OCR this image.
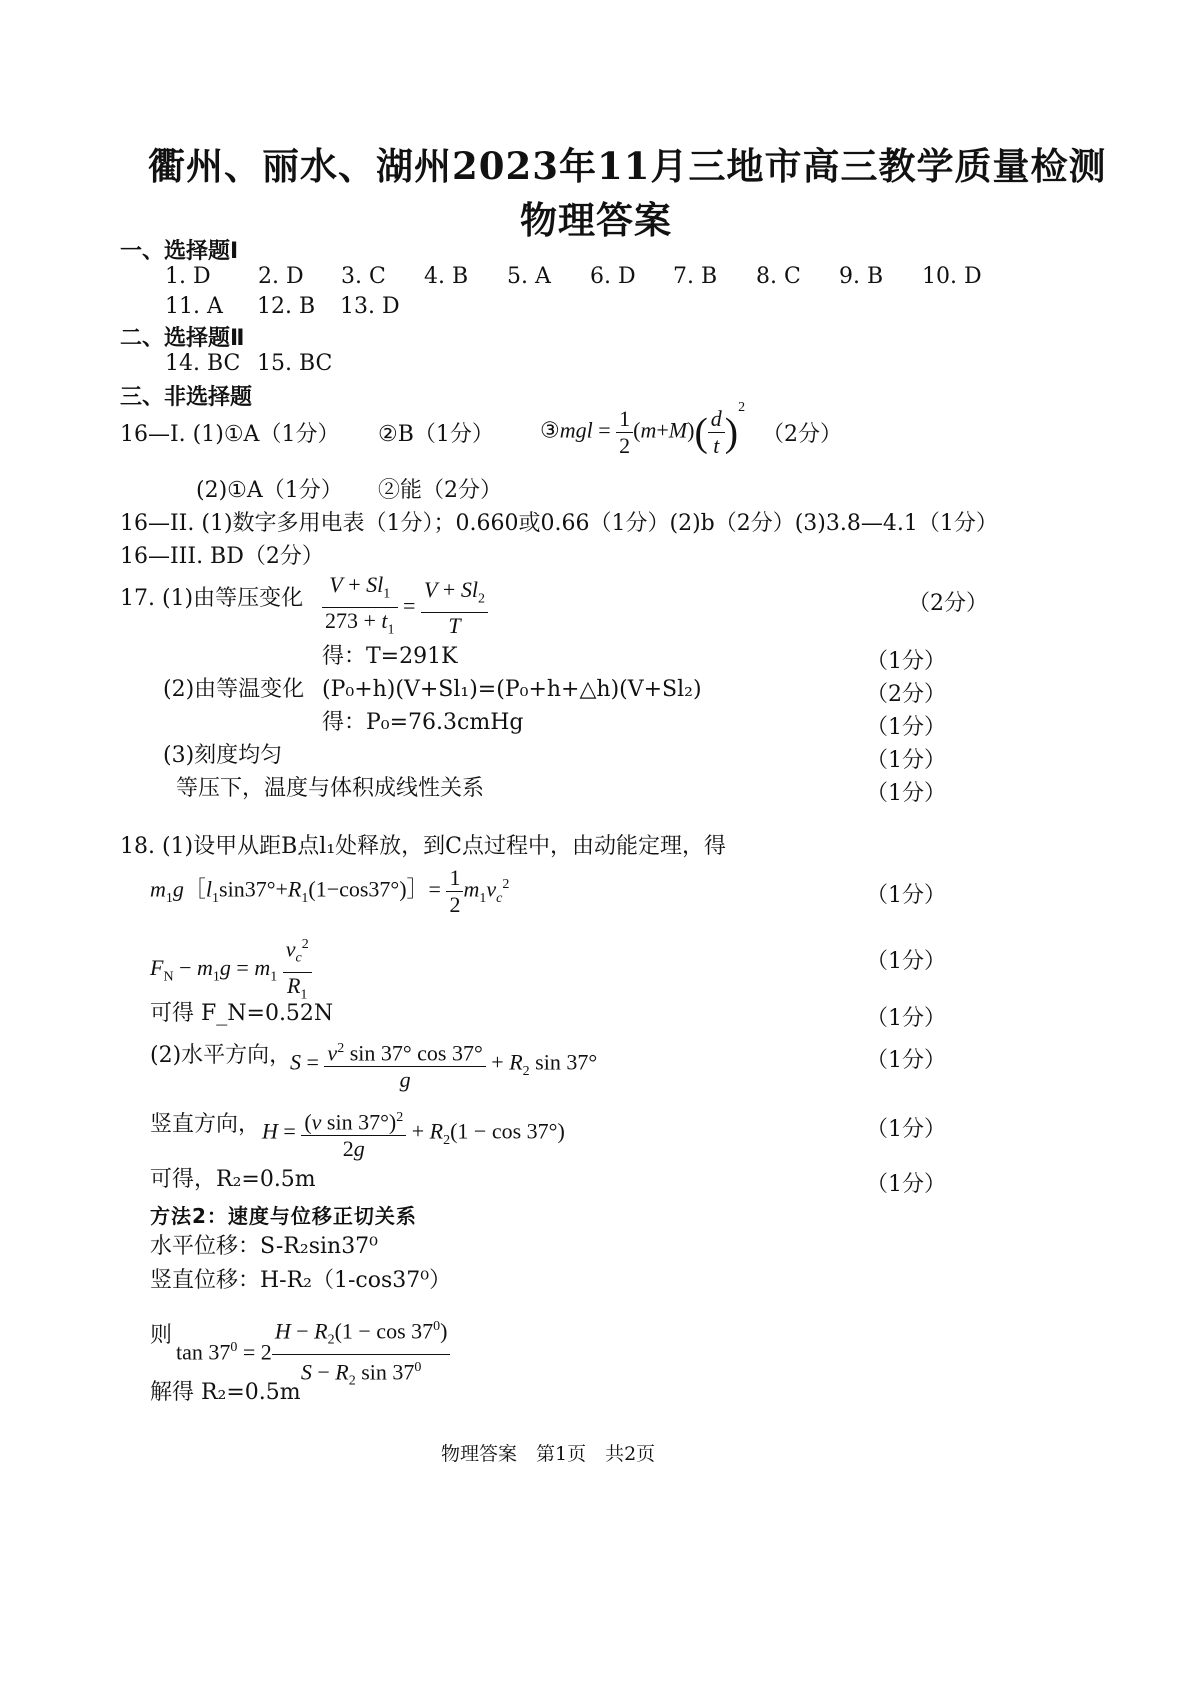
衢州、丽水、湖州2023年11月三地市高三教学质量检测
物理答案
一、选择题Ⅰ
1. D 2. D 3. C 4. B 5. A 6. D 7. B 8. C 9. B 10. D
11. A 12. B 13. D
二、选择题Ⅱ
14. BC 15. BC
三、非选择题
16—I. (1)①A（1分） ②B（1分） ③mgl = $\frac{1}{2} (m+M)( \frac{d}{t} )^2$
（2分）
(2)①A（1分） ②能（2分）
16—II. (1)数字多用电表（1分）；0.660或0.66（1分）(2)b（2分）(3)3.8—4.1（1分）
16—III. BD（2分）
17. (1)由等压变化 $\frac{V + Sl_1}{273 + t_1} = \frac{V + Sl_2}{T}$	（2分）
得：T=291K	（1分）
(2)由等温变化 (P₀+h)(V+Sl₁)=(P₀+h+△h)(V+Sl₂)	（2分）
得：P₀=76.3cmHg	（1分）
(3)刻度均匀	（1分）
等压下，温度与体积成线性关系	（1分）
18. (1)设甲从距B点l₁处释放，到C点过程中，由动能定理，得
$m_1g[l_1\sin 37^\circ+R_1(1-\cos 37^\circ)]= \frac{1}{2} m_1v_c^2$	（1分）
$F_N - m_1g = m_1 \frac{v_c^2}{R_1}$	（1分）
可得 F_N=0.52N	（1分）
(2)水平方向，
$S = \frac{v^2 \sin 37^\circ \cos 37^\circ}{g} + R_2$ sin 37°	（1分）
竖直方向， $H = \frac{(v \sin 37^\circ)^2}{2g} + R_2(1 - \cos 37^\circ)$	（1分）
可得，R₂=0.5m	（1分）
方法2：速度与位移正切关系
水平位移：S-R₂sin37⁰
竖直位移：H-R₂（1-cos37⁰）
则
$\tan 37^0 = 2 \frac{H - R_2(1 - \cos 37^0)}{S - R_2 \sin 37^0}$
解得 R₂=0.5m
物理答案　第1页　共2页
